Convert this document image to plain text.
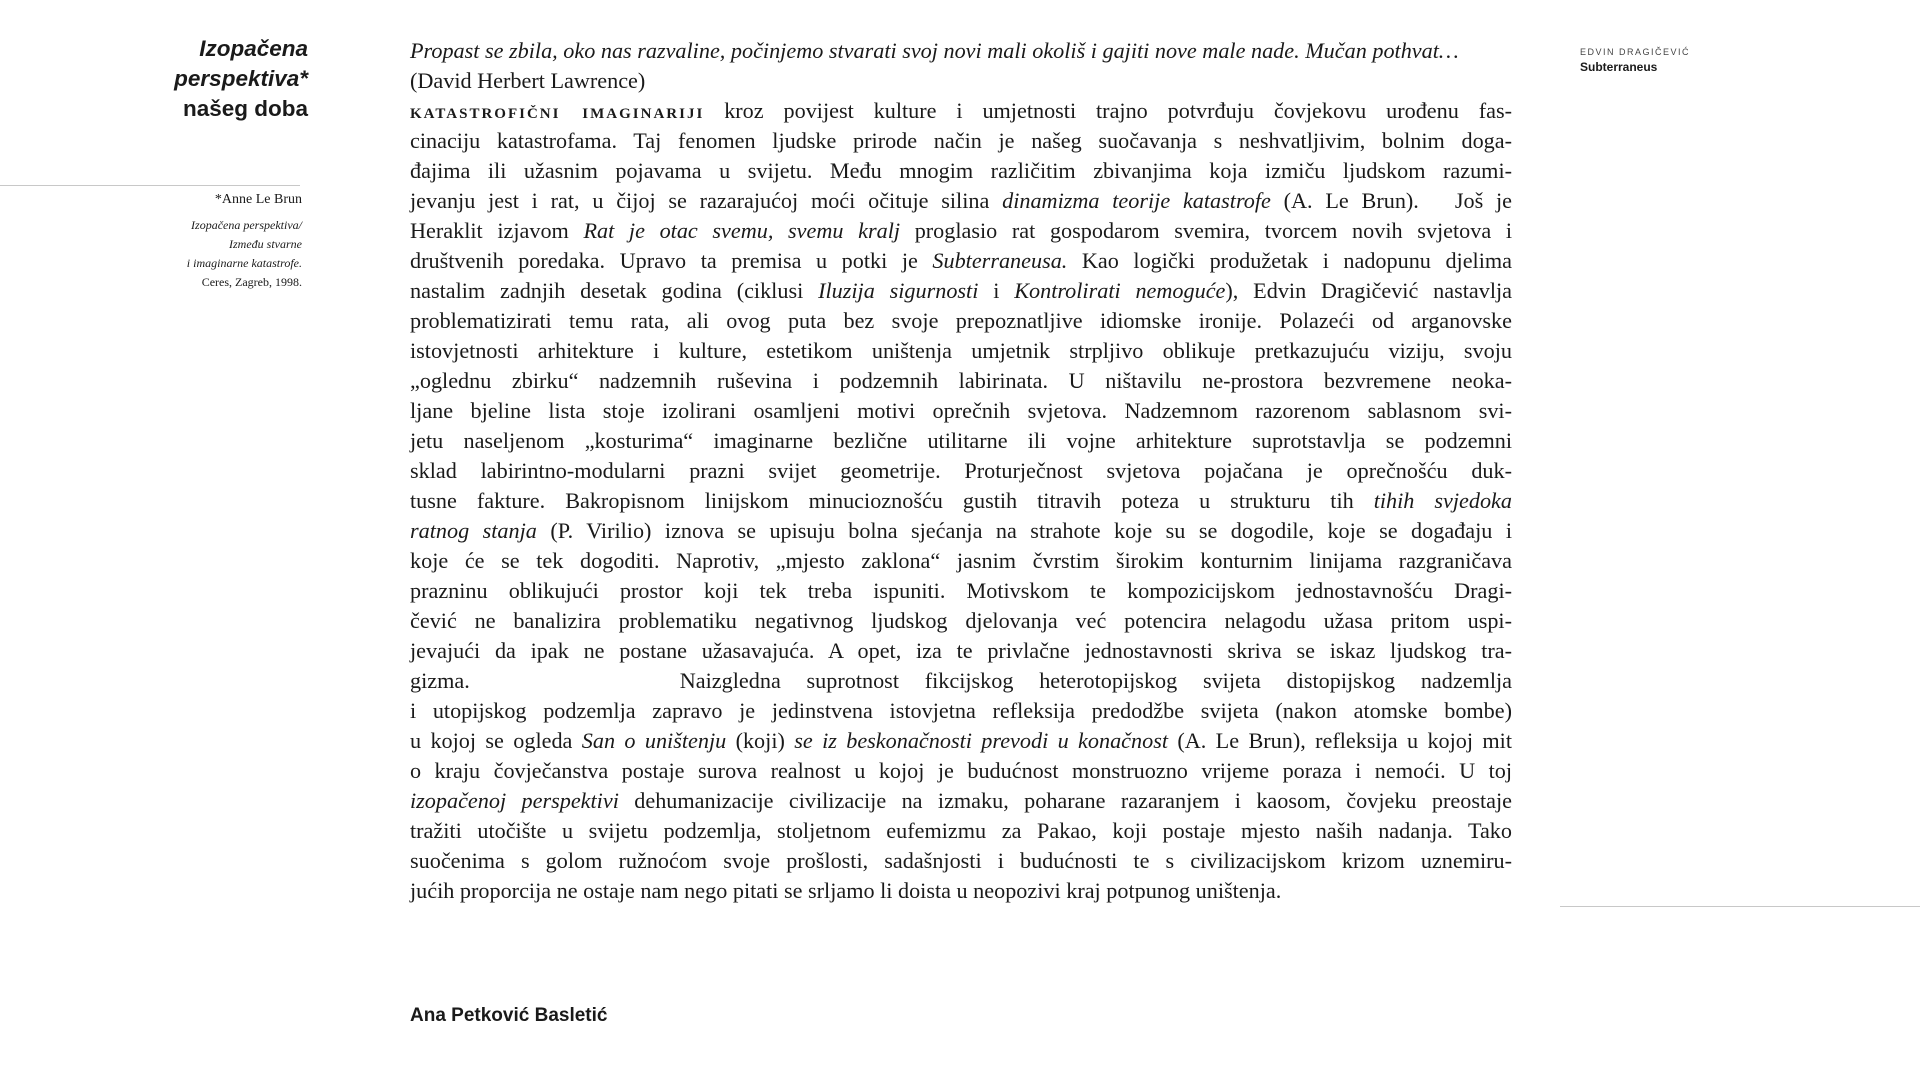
Izopačena
perspektiva*
našeg doba
*Anne Le Brun
Izopačena perspektiva/
Između stvarne
i imaginarne katastrofe.
Ceres, Zagreb, 1998.

Propast se zbila, oko nas razvaline, počinjemo stvarati svoj novi mali okoliš i gajiti nove male nade. Mučan pothvat…
(David Herbert Lawrence)

katastrofični imaginariji kroz povijest kulture i umjetnosti trajno potvrđuju čovjekovu urođenu fas-
cinaciju katastrofama. Taj fenomen ljudske prirode način je našeg suočavanja s neshvatljivim, bolnim doga-
đajima ili užasnim pojavama u svijetu. Među mnogim različitim zbivanjima koja izmiču ljudskom razumi-
jevanju jest i rat, u čijoj se razarajućoj moći očituje silina dinamizma teorije katastrofe (A. Le Brun). Još je
Heraklit izjavom Rat je otac svemu, svemu kralj proglasio rat gospodarom svemira, tvorcem novih svjetova i
društvenih poredaka. Upravo ta premisa u potki je Subterraneusa. Kao logički produžetak i nadopunu djelima
nastalim zadnjih desetak godina (ciklusi Iluzija sigurnosti i Kontrolirati nemoguće), Edvin Dragičević nastavlja
problematizirati temu rata, ali ovog puta bez svoje prepoznatljive idiomske ironije. Polazeći od arganovske
istovjetnosti arhitekture i kulture, estetikom uništenja umjetnik strpljivo oblikuje pretkazujuću viziju, svoju
„oglednu zbirku“ nadzemnih ruševina i podzemnih labirinata. U ništavilu ne-prostora bezvremene neoka-
ljane bjeline lista stoje izolirani osamljeni motivi oprečnih svjetova. Nadzemnom razorenom sablasnom svi-
jetu naseljenom „kosturima“ imaginarne bezlične utilitarne ili vojne arhitekture suprotstavlja se podzemni
sklad labirintno-modularni prazni svijet geometrije. Proturječnost svjetova pojačana je oprečnošću duk-
tusne fakture. Bakropisnom linijskom minucioznošću gustih titravih poteza u strukturu tih tihih svjedoka
ratnog stanja (P. Virilio) iznova se upisuju bolna sjećanja na strahote koje su se dogodile, koje se događaju i
koje će se tek dogoditi. Naprotiv, „mjesto zaklona“ jasnim čvrstim širokim konturnim linijama razgraničava
prazninu oblikujući prostor koji tek treba ispuniti. Motivskom te kompozicijskom jednostavnošću Dragi-
čević ne banalizira problematiku negativnog ljudskog djelovanja već potencira nelagodu užasa pritom uspi-
jevajući da ipak ne postane užasavajuća. A opet, iza te privlačne jednostavnosti skriva se iskaz ljudskog tra-
gizma.	Naizgledna suprotnost fikcijskog heterotopijskog svijeta distopijskog nadzemlja
i utopijskog podzemlja zapravo je jedinstvena istovjetna refleksija predodžbe svijeta (nakon atomske bombe)
u kojoj se ogleda San o uništenju (koji) se iz beskonačnosti prevodi u konačnost (A. Le Brun), refleksija u kojoj mit
o kraju čovječanstva postaje surova realnost u kojoj je budućnost monstruozno vrijeme poraza i nemoći. U toj
izopačenoj perspektivi dehumanizacije civilizacije na izmaku, poharane razaranjem i kaosom, čovjeku preostaje
tražiti utočište u svijetu podzemlja, stoljetnom eufemizmu za Pakao, koji postaje mjesto naših nadanja. Tako
suočenima s golom ružnoćom svoje prošlosti, sadašnjosti i budućnosti te s civilizacijskom krizom uznemiru-
jućih proporcija ne ostaje nam nego pitati se srljamo li doista u neopozivi kraj potpunog uništenja.
EDVIN DRAGIČEVIĆ
Subterraneus
Ana Petković Basletić
